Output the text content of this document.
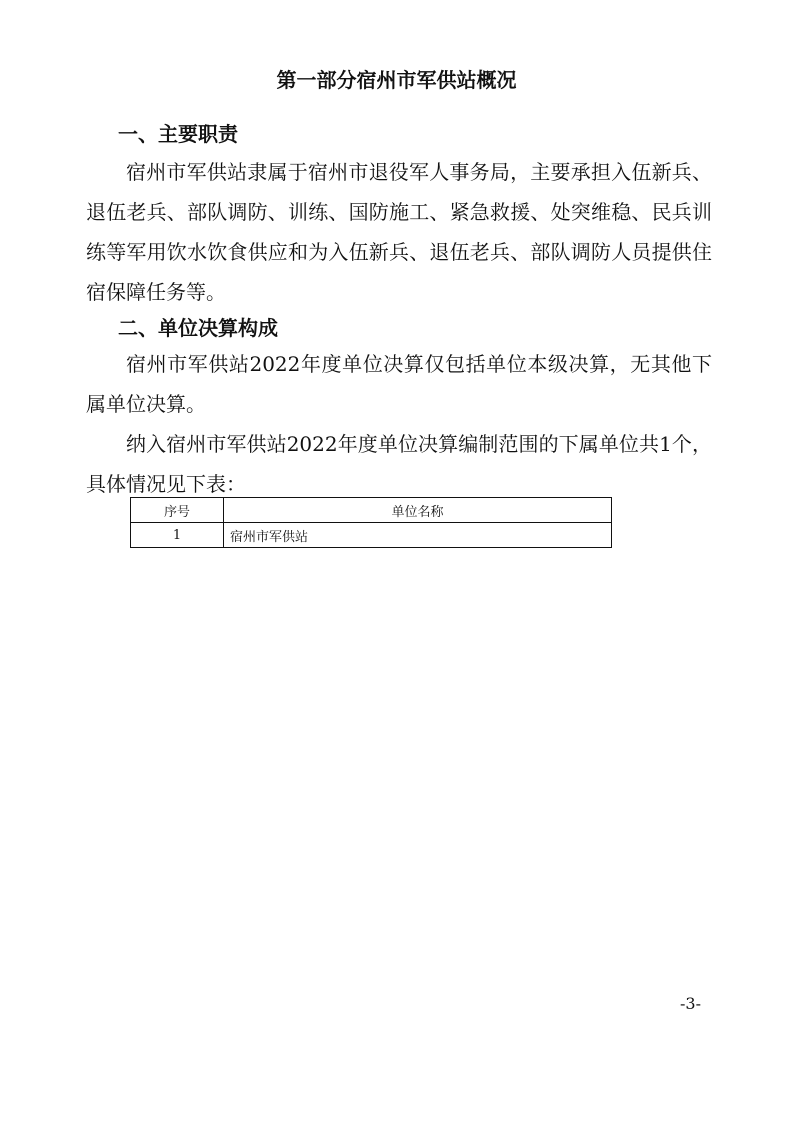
第一部分宿州市军供站概况
一、主要职责

宿州市军供站隶属于宿州市退役军人事务局，主要承担入伍新兵、退伍老兵、部队调防、训练、国防施工、紧急救援、处突维稳、民兵训练等军用饮水饮食供应和为入伍新兵、退伍老兵、部队调防人员提供住宿保障任务等。

二、单位决算构成

宿州市军供站2022年度单位决算仅包括单位本级决算，无其他下属单位决算。

纳入宿州市军供站2022年度单位决算编制范围的下属单位共1个，具体情况见下表：

序号	单位名称
1	宿州市军供站

-3-
